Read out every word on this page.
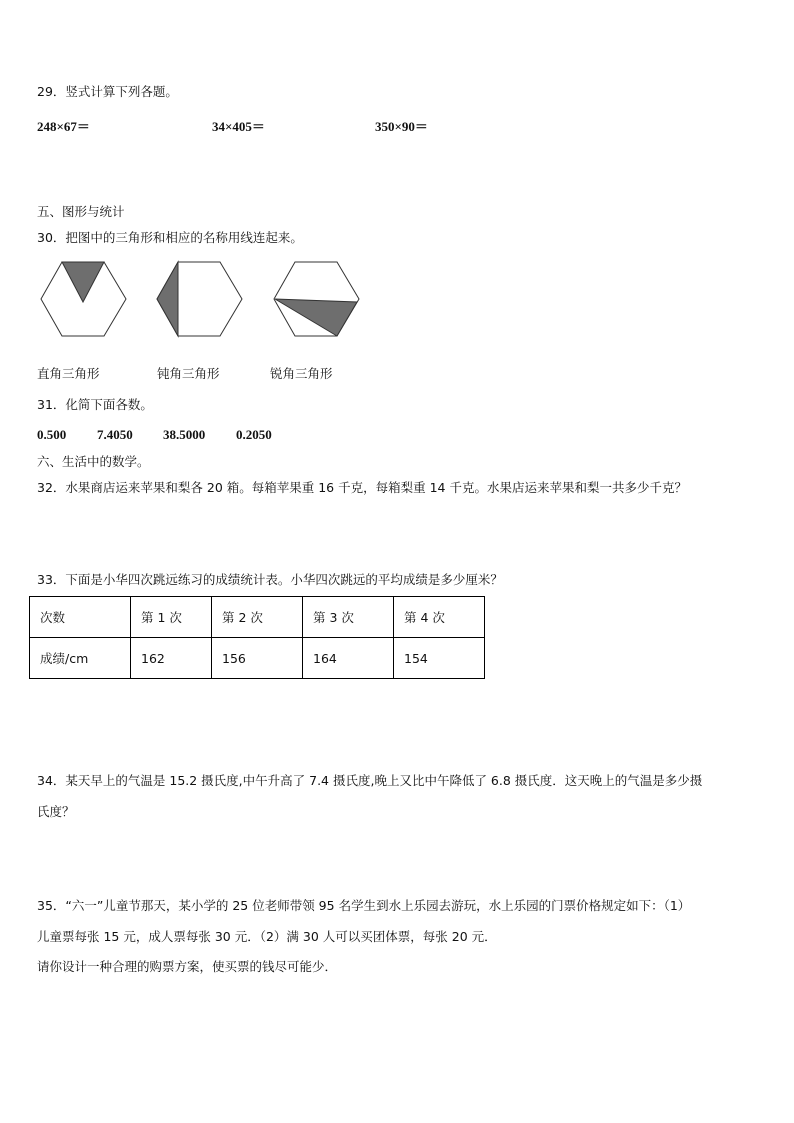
29．竖式计算下列各题。
248×67＝	34×405＝	350×90＝
五、图形与统计
30．把图中的三角形和相应的名称用线连起来。
直角三角形	钝角三角形	锐角三角形
31．化简下面各数。
0.500 7.4050 38.5000 0.2050
六、生活中的数学。
32．水果商店运来苹果和梨各 20 箱。每箱苹果重 16 千克，每箱梨重 14 千克。水果店运来苹果和梨一共多少千克？
33．下面是小华四次跳远练习的成绩统计表。小华四次跳远的平均成绩是多少厘米？
次数	第 1 次	第 2 次	第 3 次	第 4 次
成绩/cm	162	156	164	154
34．某天早上的气温是 15.2 摄氏度,中午升高了 7.4 摄氏度,晚上又比中午降低了 6.8 摄氏度．这天晚上的气温是多少摄
氏度？
35．“六一”儿童节那天，某小学的 25 位老师带领 95 名学生到水上乐园去游玩，水上乐园的门票价格规定如下：（1）
儿童票每张 15 元，成人票每张 30 元．（2）满 30 人可以买团体票，每张 20 元．
请你设计一种合理的购票方案，使买票的钱尽可能少．
